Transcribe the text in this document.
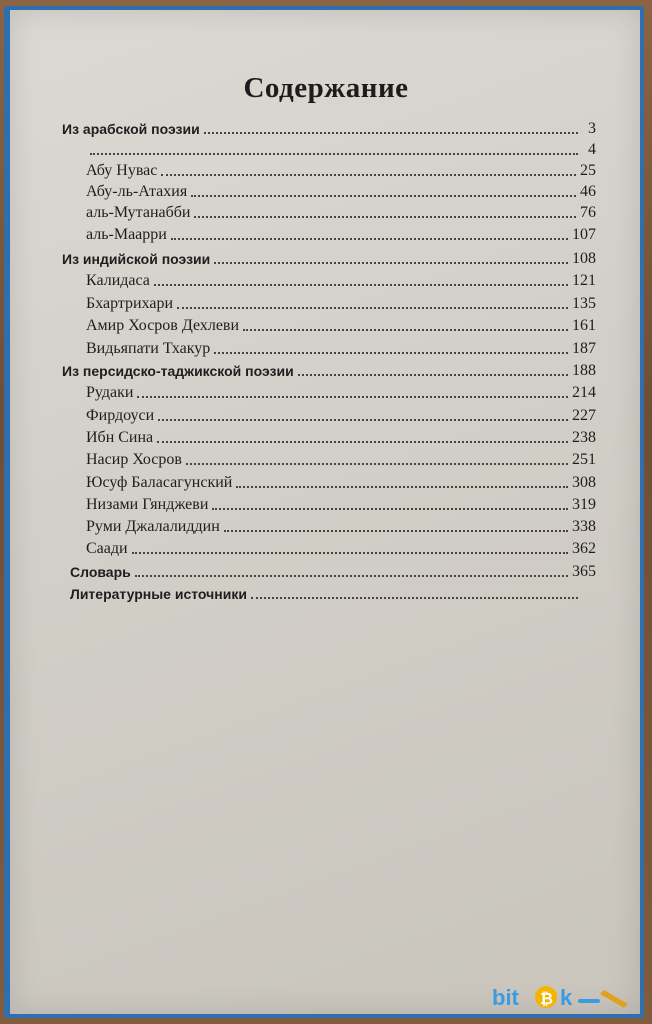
Содержание
Из арабской поэзии	3
4
Абу Нувас	25
Абу-ль-Атахия	46
аль-Мутанабби	76
аль-Маарри	107
Из индийской поэзии	108
Калидаса	121
Бхартрихари	135
Амир Хосров Дехлеви	161
Видьяпати Тхакур	187
Из персидско-таджикской поэзии	188
Рудаки	214
Фирдоуси	227
Ибн Сина	238
Насир Хосров	251
Юсуф Баласагунский	308
Низами Гянджеви	319
Руми Джалалиддин	338
Саади	362
Словарь	365
Литературные источники
bit ₿ k
